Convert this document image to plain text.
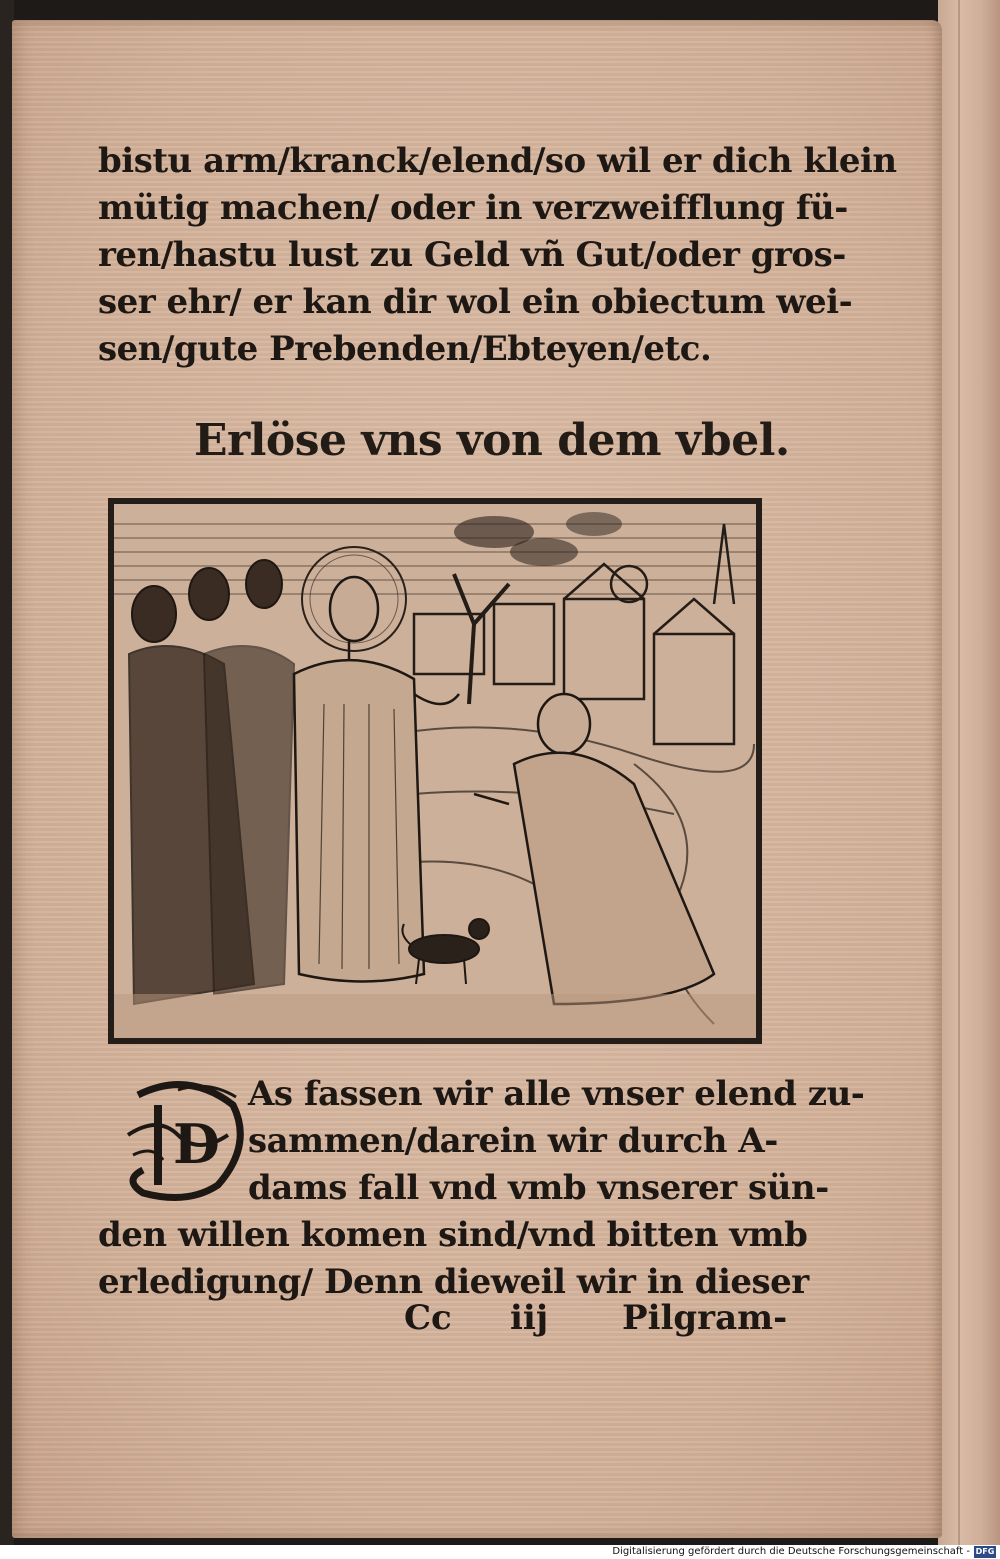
bistu arm/kranck/elend/so wil er dich klein
mütig machen/ oder in verzweifflung fü-
ren/hastu lust zu Geld vñ Gut/oder gros-
ser ehr/ er kan dir wol ein obiectum wei-
sen/gute Prebenden/Ebteyen/etc.
Erlöse vns von dem vbel.
D
As fassen wir alle vnser elend zu-
sammen/darein wir durch A-
dams fall vnd vmb vnserer sün-
den willen komen sind/vnd bitten vmb
erledigung/ Denn dieweil wir in dieser
Cc iij Pilgram-
Digitalisierung gefördert durch die Deutsche Forschungsgemeinschaft - DFG
